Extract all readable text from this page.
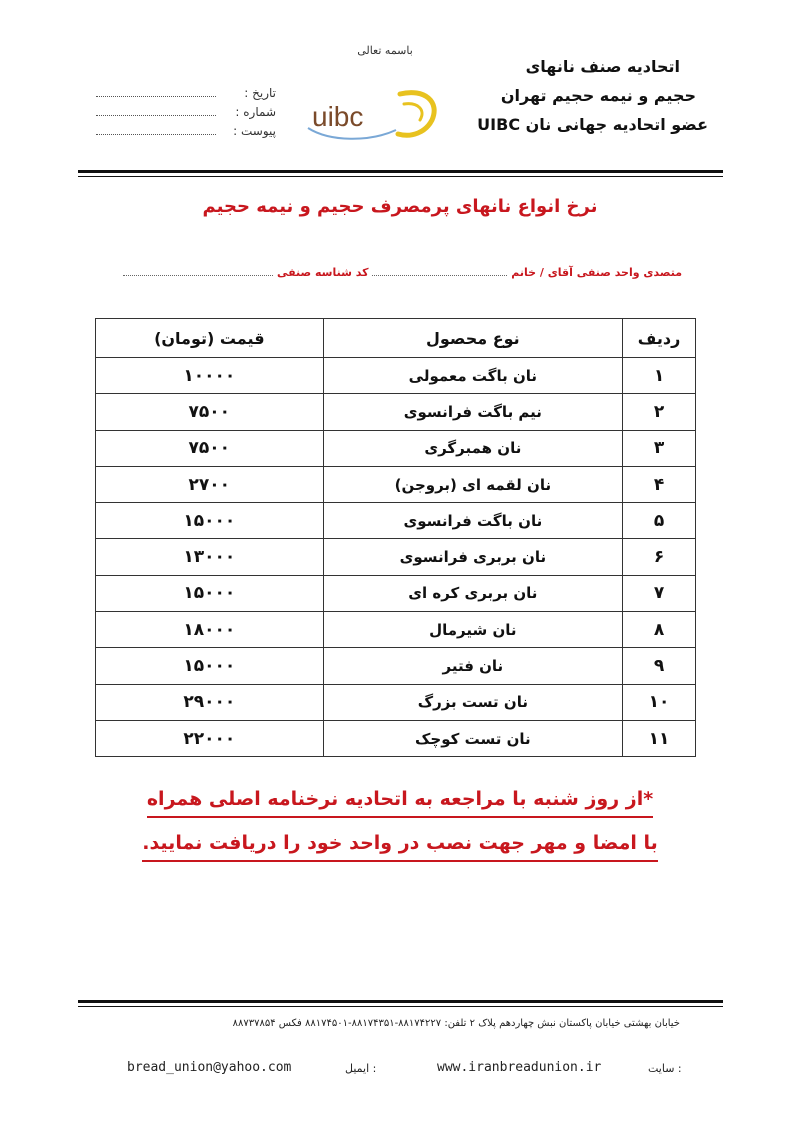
اتحادیه صنف نانهای
حجیم و نیمه حجیم تهران
عضو اتحادیه جهانی نان UIBC
باسمه تعالی
uibc
تاریخ :
شماره :
پیوست :
نرخ انواع نانهای پرمصرف حجیم و نیمه حجیم
متصدی واحد صنفی آقای / خانم  کد شناسه صنفی
ردیف	نوع محصول	قیمت (تومان)
۱	نان باگت معمولی	۱۰۰۰۰
۲	نیم باگت فرانسوی	۷۵۰۰
۳	نان همبرگری	۷۵۰۰
۴	نان لقمه ای (بروجن)	۲۷۰۰
۵	نان باگت فرانسوی	۱۵۰۰۰
۶	نان بربری فرانسوی	۱۳۰۰۰
۷	نان بربری کره ای	۱۵۰۰۰
۸	نان شیرمال	۱۸۰۰۰
۹	نان فتیر	۱۵۰۰۰
۱۰	نان تست بزرگ	۲۹۰۰۰
۱۱	نان تست کوچک	۲۲۰۰۰
*از روز شنبه با مراجعه به اتحادیه نرخنامه اصلی همراه
با امضا و مهر جهت نصب در واحد خود را دریافت نمایید.
خیابان بهشتی خیابان پاکستان نبش چهاردهم پلاک ۲ تلفن: ۸۸۱۷۴۲۲۷-۸۸۱۷۴۳۵۱-۸۸۱۷۴۵۰۱ فکس ۸۸۷۳۷۸۵۴
bread_union@yahoo.com	ایمیل :	www.iranbreadunion.ir	سایت :
